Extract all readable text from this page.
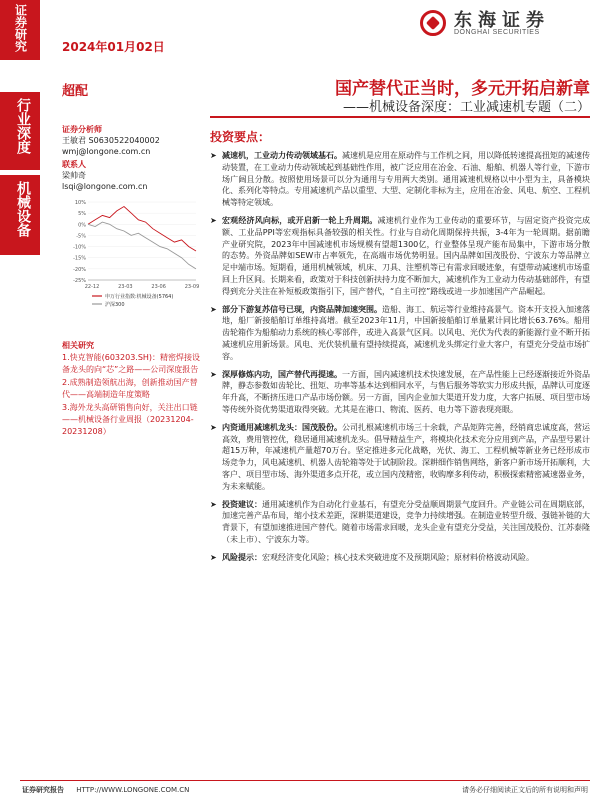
证券研究
行业深度
机械设备
2024年01月02日
东海证券
DONGHAI SECURITIES
超配	国产替代正当时，多元开拓启新章
——机械设备深度：工业减速机专题（二）
证券分析师
王敏君 S0630522040002
wmj@longone.com.cn
联系人
梁帅奇
lsqi@longone.com.cn
10%
5%
0%
-5%
-10%
-15%
-20%
-25%
22-12	23-03	23-06	23-09
申万行业指数:机械设备(5764)
沪深300
相关研究

1.快克智能(603203.SH)：精密焊接设备龙头的向“芯”之路——公司深度报告

2.成熟制造领航出海，创新推动国产替代——高端制造年度策略

3.海外龙头高研销售向好，关注出口链——机械设备行业周报（20231204-20231208）

投资要点：
➤ 减速机，工业动力传动领域基石。减速机是应用在原动件与工作机之间，用以降低转速提高扭矩的减速传动装置，在工业动力传动领域起到基础性作用，被广泛应用在冶金、石油、船舶、机器人等行业，下游市场广阔且分散。按照使用场景可以分为通用与专用两大类别。通用减速机规格以中小型为主，具备模块化、系列化等特点。专用减速机产品以重型、大型、定制化非标为主，应用在冶金、风电、航空、工程机械等特定领域。
➤ 宏观经济风向标，或开启新一轮上升周期。减速机行业作为工业传动的重要环节，与固定资产投资完成额、工业品PPI等宏观指标具备较强的相关性。行业与自动化周期保持共振，3-4年为一轮周期。据前瞻产业研究院，2023年中国减速机市场规模有望超1300亿，行业整体呈现产能布局集中，下游市场分散的态势。外资品牌如SEW市占率领先，在高端市场优势明显。国内品牌如国茂股份、宁波东力等品牌立足中端市场。短期看，通用机械领域，机床、刀具、注塑机等已有需求回暖迹象，有望带动减速机市场重回上升区间。长期来看，政策对于科技创新扶持力度不断加大，减速机作为工业动力传动基础部件，有望得到充分关注在补短板政策指引下，国产替代，“自主可控”路线或进一步加速国产产品崛起。
➤ 部分下游复苏信号已现，内资品牌加速突围。造船、海工、航运等行业维持高景气。资本开支投入加速落地，船厂新接船舶订单维持高增。截至2023年11月，中国新接船舶订单量累计同比增长63.76%。船用齿轮箱作为船舶动力系统的核心零部件，或进入高景气区间。以风电、光伏为代表的新能源行业不断开拓减速机应用新场景。风电、光伏装机量有望持续提高，减速机龙头绑定行业大客户，有望充分受益市场扩容。
➤ 深厚修炼内功，国产替代再提速。一方面，国内减速机技术快速发展，在产品性能上已经逐渐接近外资品牌，静态参数如齿轮比、扭矩、功率等基本达到相同水平，与售后服务等软实力形成共振，品牌认可度逐年升高，不断挤压进口产品市场份额。另一方面，国内企业加大渠道开发力度，大客户拓展、项目型市场等传统外资优势渠道取得突破。尤其是在港口、物流、医药、电力等下游表现亮眼。
➤ 内资通用减速机龙头：国茂股份。公司扎根减速机市场三十余载，产品矩阵完善，经销商忠诚度高，营运高效，费用管控优，稳居通用减速机龙头。倡导精益生产，将模块化技术充分应用到产品，产品型号累计超15万种，年减速机产量超70万台。坚定推进多元化战略，光伏、海工、工程机械等新业务已经形成市场竞争力，风电减速机、机器人齿轮箱等处于试制阶段。深耕细作销售网络，新客户新市场开拓顺利，大客户、项目型市场、海外渠道多点开花，或立国内茂精密，收购摩多利传动，积极探索精密减速器业务，为未来赋能。
➤ 投资建议：通用减速机作为自动化行业基石，有望充分受益顺周期景气度回升。产业链公司在周期底部，加速完善产品布局，缩小技术差距，深耕渠道建设，竞争力持续增强。在制造业转型升级、强链补链的大背景下，有望加速推进国产替代。随着市场需求回暖，龙头企业有望充分受益，关注国茂股份、江苏泰隆（未上市）、宁波东力等。
➤ 风险提示：宏观经济变化风险；核心技术突破进度不及预期风险；原材料价格波动风险。
证券研究报告 HTTP://WWW.LONGONE.COM.CN	请务必仔细阅读正文后的所有说明和声明
